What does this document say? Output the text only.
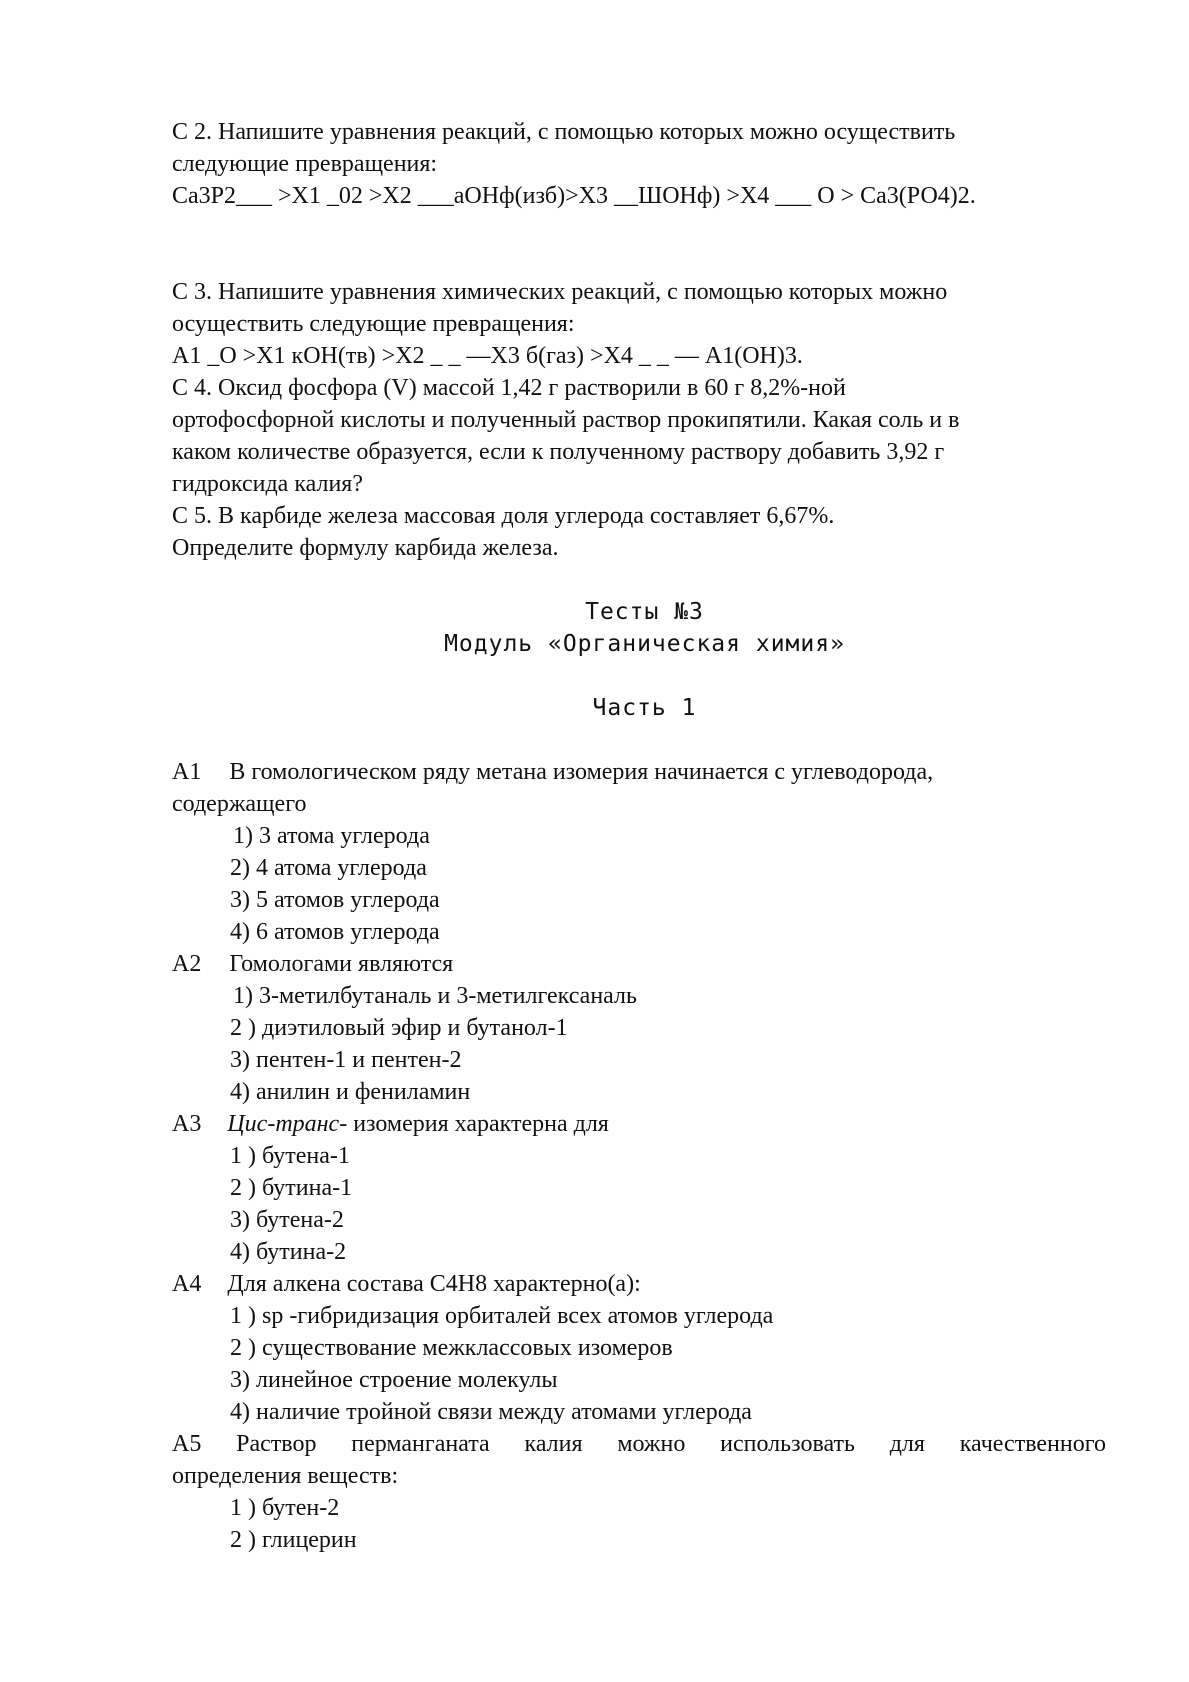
С 2. Напишите уравнения реакций, с помощью которых можно осуществить
следующие превращения:
Са3Р2___ >Х1 _02 >Х2 ___aОНф(изб)>Х3 __ШОНф) >Х4 ___ О > Са3(РО4)2.
С 3. Напишите уравнения химических реакций, с помощью которых можно
осуществить следующие превращения:
А1 _O >Х1 кОН(тв) >Х2 _ _ —Х3 б(газ) >Х4 _ _ — А1(ОН)3.
С 4. Оксид фосфора (V) массой 1,42 г растворили в 60 г 8,2%-ной
ортофосфорной кислоты и полученный раствор прокипятили. Какая соль и в
каком количестве образуется, если к полученному раствору добавить 3,92 г
гидроксида калия?
С 5. В карбиде железа массовая доля углерода составляет 6,67%.
Определите формулу карбида железа.
Тесты №3
Модуль «Органическая химия»
Часть 1
А1 В гомологическом ряду метана изомерия начинается с углеводорода,
содержащего
1) 3 атома углерода
2) 4 атома углерода
3) 5 атомов углерода
4) 6 атомов углерода
А2 Гомологами являются
1) 3-метилбутаналь и 3-метилгексаналь
2 ) диэтиловый эфир и бутанол-1
3) пентен-1 и пентен-2
4) анилин и фениламин
А3 Цис-транс- изомерия характерна для
1 ) бутена-1
2 ) бутина-1
3) бутена-2
4) бутина-2
А4 Для алкена состава C4H8 характерно(а):
1 ) sp -гибридизация орбиталей всех атомов углерода
2 ) существование межклассовых изомеров
3) линейное строение молекулы
4) наличие тройной связи между атомами углерода
А5 Раствор перманганата калия можно использовать для качественного
определения веществ:
1 ) бутен-2
2 ) глицерин
